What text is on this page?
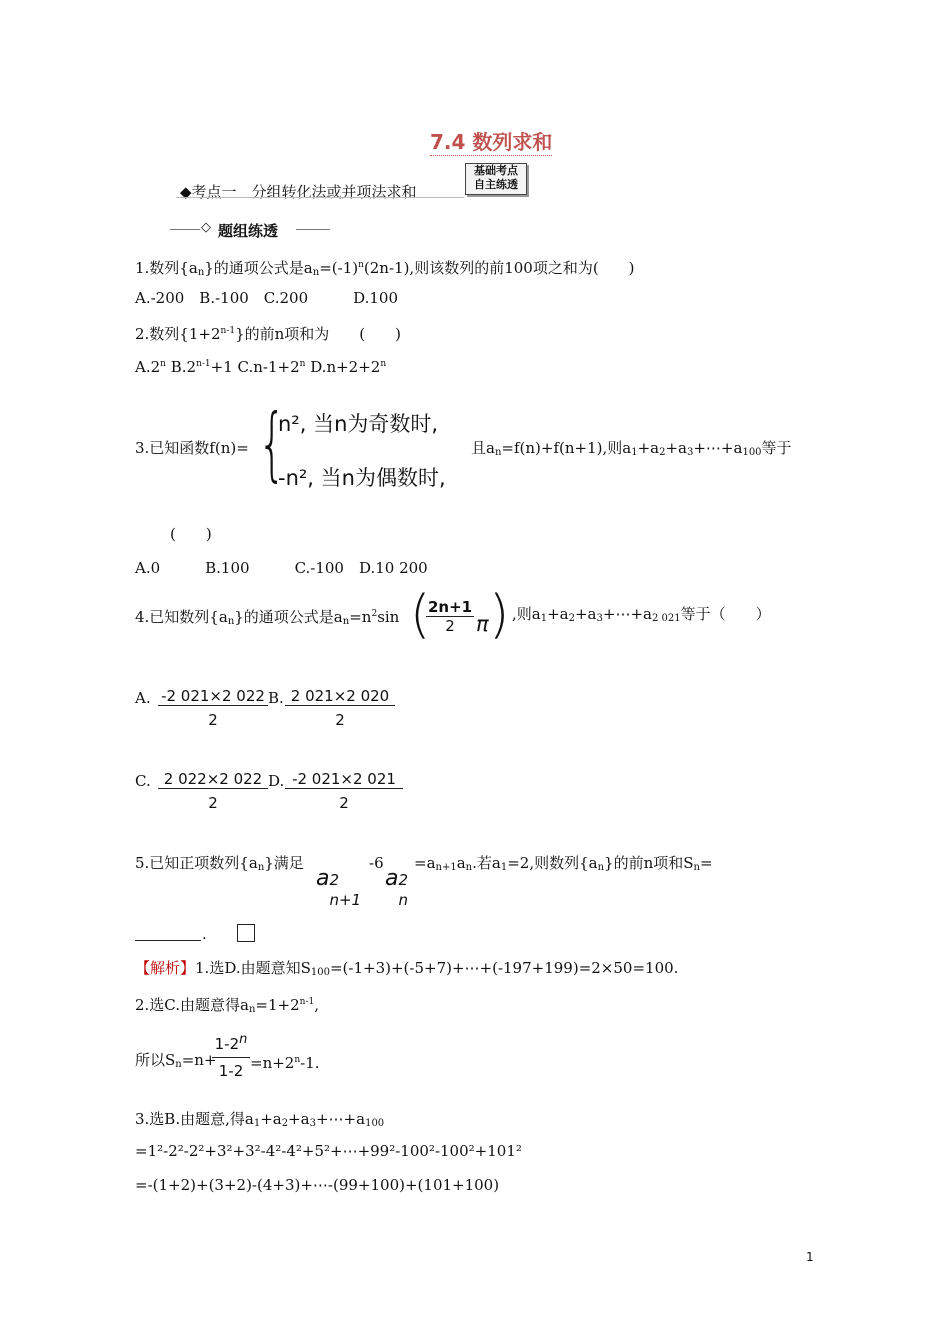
7.4 数列求和
◆考点一　分组转化法或并项法求和
基础考点
自主练透
◇ 题组练透
1.数列$\{a_n\}$的通项公式是$a_n=(-1)^n(2n-1)$,则该数列的前100项之和为(　　)
A.-200　B.-100　C.200　　　D.100
2.数列$\{1+2^{n-1}\}$的前n项和为　　(　　)
A.2$^n$ $B.2^{n-1}+1$ $C.n-1+2^n$ $D.n+2+2^n$
3.已知函数f(n)= {
n², 当n为奇数时,
-n², 当n为偶数时,
且$a_n=f(n)+f(n+1)$,则$a_1+a_2+a_3+\cdots+a_{100}$等于
(　　)
A.0　　　B.100　　　C.-100　D.10 200
4.已知数列$\{a_n\}$的通项公式是$a_n=n^2\sin$ (
$\frac{2n+1}{2}$ π ) ,则$a_1+a_2+a_3+\cdots+a_{2 021}$等于（　　）
A. $\frac{-2 021\times 2 022}{2} B$. $\frac{2 021\times 2 020}{2}$
C. $\frac{2 022\times 2 022}{2} D$. $\frac{-2 021\times 2 021}{2}$
5.已知正项数列$\{a_n\}$满足
a 2
n+1
-6
a 2
n
$=a_{n+1}a_n$.若$a_1=2$,则数列$\{a_n\}$的前n项和$S_n=$
.
【解析】1.选D.由题意知$S_{100}=(-1+3)+(-5+7)+\cdots+(-197+199)=2\times 50=100$.
2.选C.由题意得$a_n=1+2^{n-1}$,
所以$S_n=n+$
$\frac{1-2n}{1-2} =n+2^n-1$.
3.选B.由题意,得$a_1+a_2+a_3+\cdots+a_{100}$
=1²-2²-2²+3²+3²-4²-4²+5²+⋯+99²-100²-100²+101²
=-(1+2)+(3+2)-(4+3)+⋯-(99+100)+(101+100)
1
